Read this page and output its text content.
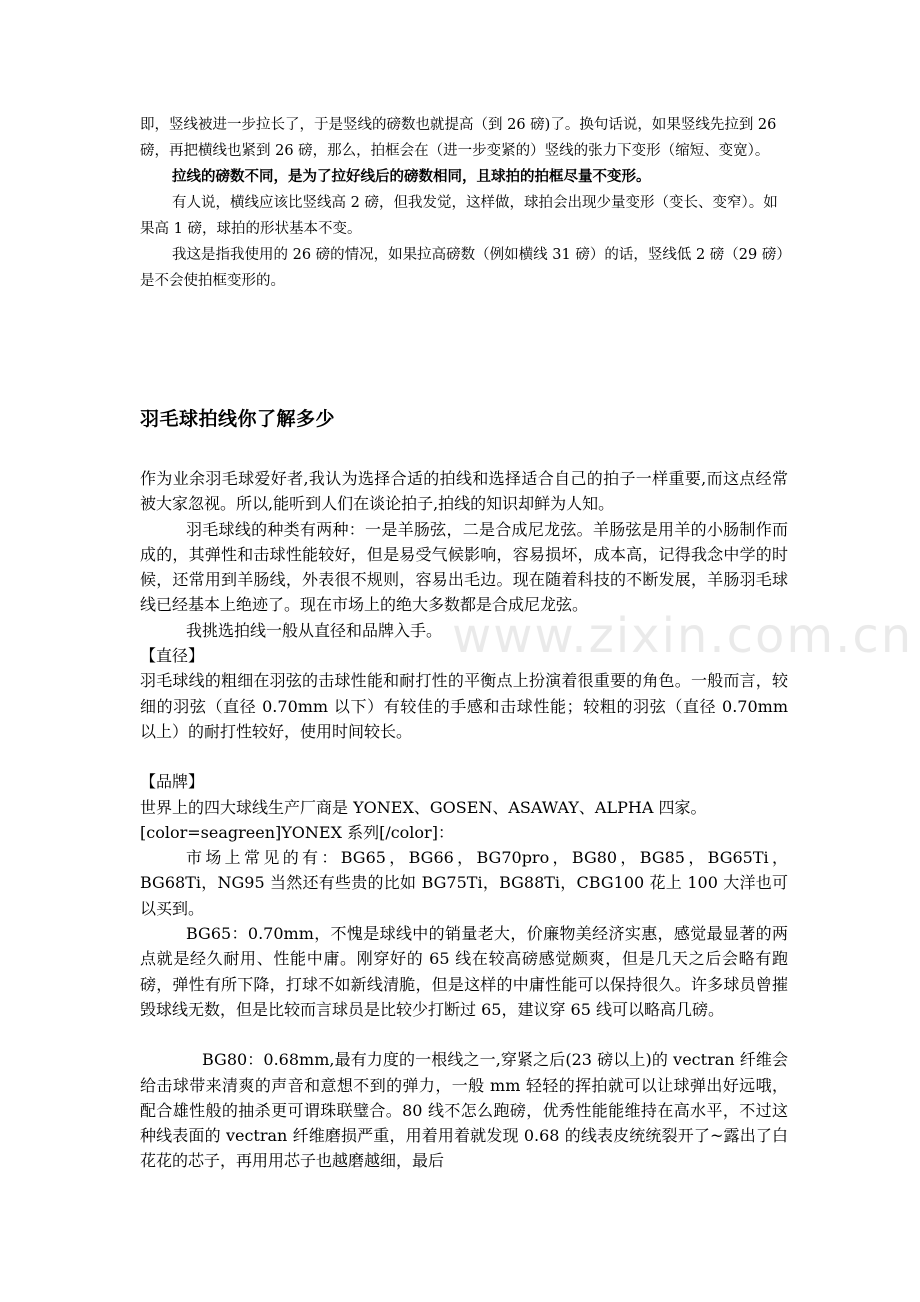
即，竖线被进一步拉长了，于是竖线的磅数也就提高（到 26 磅)了。换句话说，如果竖线先拉到 26 磅，再把横线也紧到 26 磅，那么，拍框会在（进一步变紧的）竖线的张力下变形（缩短、变宽）。

拉线的磅数不同，是为了拉好线后的磅数相同，且球拍的拍框尽量不变形。

有人说，横线应该比竖线高 2 磅，但我发觉，这样做，球拍会出现少量变形（变长、变窄）。如果高 1 磅，球拍的形状基本不变。

我这是指我使用的 26 磅的情况，如果拉高磅数（例如横线 31 磅）的话，竖线低 2 磅（29 磅）是不会使拍框变形的。

羽毛球拍线你了解多少

作为业余羽毛球爱好者,我认为选择合适的拍线和选择适合自己的拍子一样重要,而这点经常被大家忽视。所以,能听到人们在谈论拍子,拍线的知识却鲜为人知。

羽毛球线的种类有两种：一是羊肠弦，二是合成尼龙弦。羊肠弦是用羊的小肠制作而成的，其弹性和击球性能较好，但是易受气候影响，容易损坏，成本高，记得我念中学的时候，还常用到羊肠线，外表很不规则，容易出毛边。现在随着科技的不断发展，羊肠羽毛球线已经基本上绝迹了。现在市场上的绝大多数都是合成尼龙弦。

我挑选拍线一般从直径和品牌入手。

【直径】

羽毛球线的粗细在羽弦的击球性能和耐打性的平衡点上扮演着很重要的角色。一般而言，较细的羽弦（直径 0.70mm 以下）有较佳的手感和击球性能；较粗的羽弦（直径 0.70mm 以上）的耐打性较好，使用时间较长。

【品牌】

世界上的四大球线生产厂商是 YONEX、GOSEN、ASAWAY、ALPHA 四家。

[color=seagreen]YONEX 系列[/color]：

市场上常见的有：BG65，BG66，BG70pro，BG80，BG85，BG65Ti，BG68Ti，NG95 当然还有些贵的比如 BG75Ti，BG88Ti，CBG100 花上 100 大洋也可以买到。

BG65：0.70mm，不愧是球线中的销量老大，价廉物美经济实惠，感觉最显著的两点就是经久耐用、性能中庸。刚穿好的 65 线在较高磅感觉颇爽，但是几天之后会略有跑磅，弹性有所下降，打球不如新线清脆，但是这样的中庸性能可以保持很久。许多球员曾摧毁球线无数，但是比较而言球员是比较少打断过 65，建议穿 65 线可以略高几磅。

BG80：0.68mm,最有力度的一根线之一,穿紧之后(23 磅以上)的 vectran 纤维会给击球带来清爽的声音和意想不到的弹力，一般 mm 轻轻的挥拍就可以让球弹出好远哦，配合雄性般的抽杀更可谓珠联璧合。80 线不怎么跑磅，优秀性能能维持在高水平，不过这种线表面的 vectran 纤维磨损严重，用着用着就发现 0.68 的线表皮统统裂开了~露出了白花花的芯子，再用用芯子也越磨越细，最后

www.zixin.com.cn
